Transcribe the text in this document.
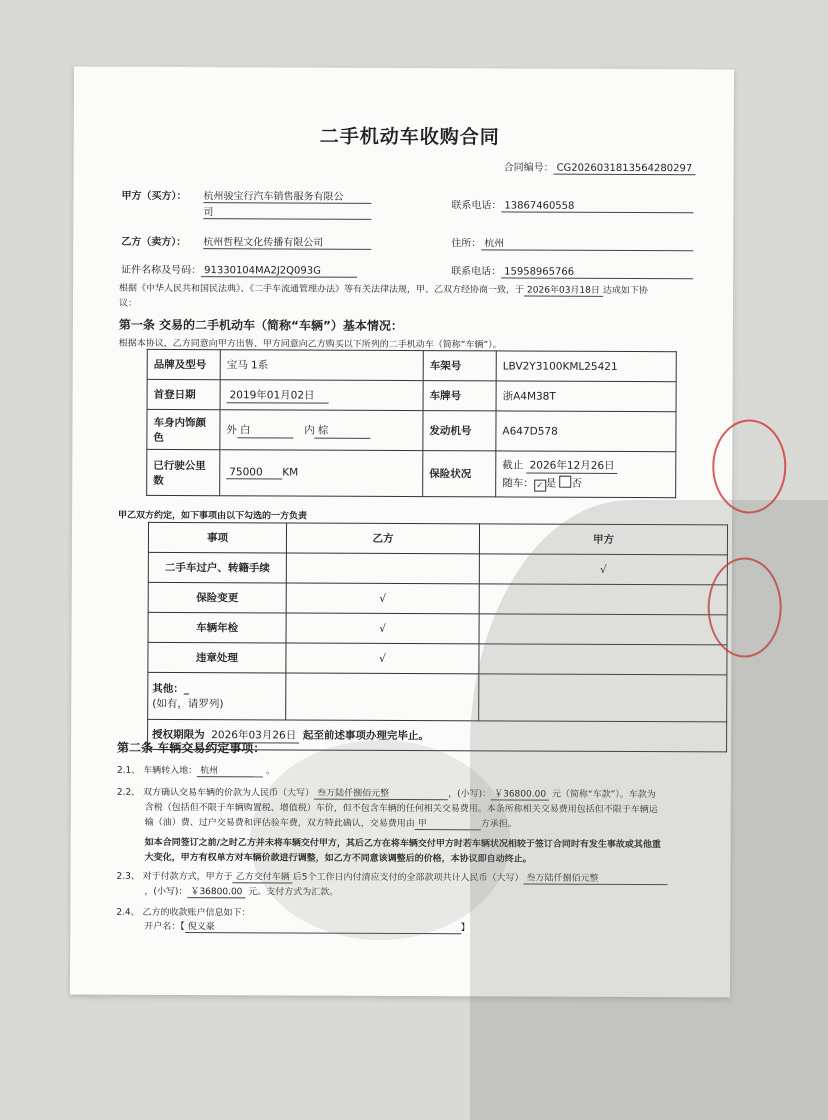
二手机动车收购合同
合同编号： CG2026031813564280297
甲方（买方）： 杭州骏宝行汽车销售服务有限公
司
联系电话： 13867460558
乙方（卖方）： 杭州哲程文化传播有限公司	住所： 杭州
证件名称及号码： 91330104MA2J2Q093G	联系电话： 15958965766
根据《中华人民共和国民法典》、《二手车流通管理办法》等有关法律法规，甲、乙双方经协商一致，于 2026年03月18日 达成如下协
议：
第一条 交易的二手机动车（简称“车辆”）基本情况：
根据本协议，乙方同意向甲方出售、甲方同意向乙方购买以下所列的二手机动车（简称“车辆”）。
品牌及型号	宝马 1系	车架号	LBV2Y3100KML25421
首登日期	2019年01月02日	车牌号	浙A4M38T
车身内饰颜色	外 白 内 棕	发动机号	A647D578
已行驶公里数	75000 KM	保险状况	截止 2026年12月26日
随车： ✓ 是 否
甲乙双方约定，如下事项由以下勾选的一方负责
事项	乙方	甲方
二手车过户、转籍手续		√
保险变更	√	
车辆年检	√	
违章处理	√	

其他：_
(如有，请罗列)		

授权期限为 2026年03月26日 起至前述事项办理完毕止。		
第二条 车辆交易约定事项：
2.1、 车辆转入地： 杭州	。
2.2、 双方确认交易车辆的价款为人民币（大写） 叁万陆仟捌佰元整	，(小写)： ￥36800.00 元（简称“车款”）。车款为
含税（包括但不限于车辆购置税、增值税）车价，但不包含车辆的任何相关交易费用。本条所称相关交易费用包括但不限于车辆运
输（油）费、过户交易费和评估验车费，双方特此确认，交易费用由 甲	方承担。
如本合同签订之前/之时乙方并未将车辆交付甲方，其后乙方在将车辆交付甲方时若车辆状况相较于签订合同时有发生事故或其他重
大变化，甲方有权单方对车辆价款进行调整，如乙方不同意该调整后的价格，本协议即自动终止。
2.3、 对于付款方式，甲方于 乙方交付车辆 后5个工作日内付清应支付的全部款项共计人民币（大写） 叁万陆仟捌佰元整
，(小写)： ￥36800.00 元。支付方式为汇款。
2.4、 乙方的收款账户信息如下：
开户名：【 倪义豪	】
